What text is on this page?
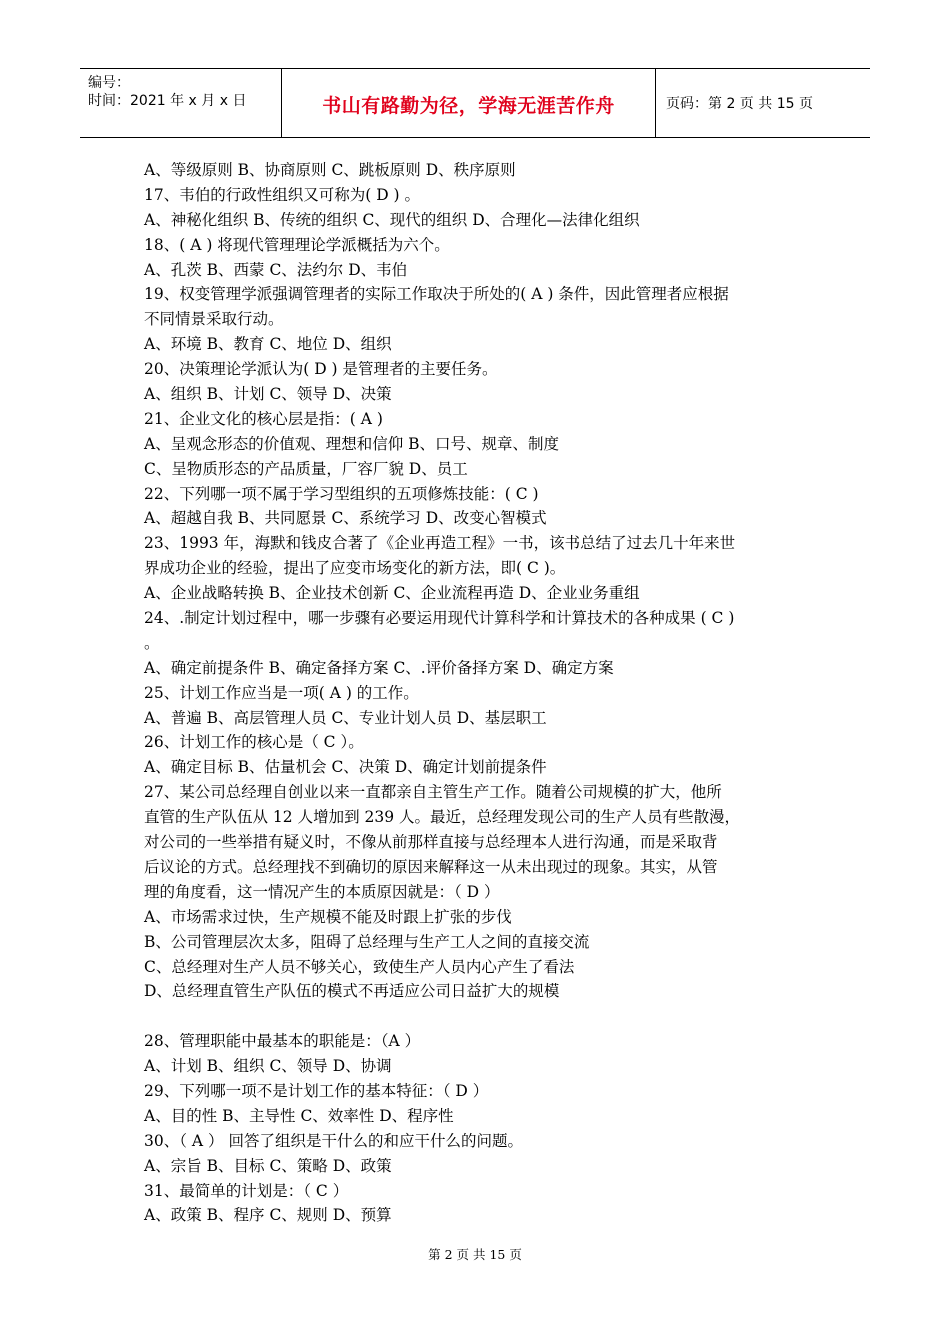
编号：
时间：2021 年 x 月 x 日	书山有路勤为径，学海无涯苦作舟	页码：第 2 页 共 15 页
A、等级原则 B、协商原则 C、跳板原则 D、秩序原则
17、韦伯的行政性组织又可称为( D ) 。
A、神秘化组织 B、传统的组织 C、现代的组织 D、合理化—法律化组织
18、( A ) 将现代管理理论学派概括为六个。
A、孔茨 B、西蒙 C、法约尔 D、韦伯
19、权变管理学派强调管理者的实际工作取决于所处的( A ) 条件，因此管理者应根据
不同情景采取行动。
A、环境 B、教育 C、地位 D、组织
20、决策理论学派认为( D ) 是管理者的主要任务。
A、组织 B、计划 C、领导 D、决策
21、企业文化的核心层是指：( A )
A、呈观念形态的价值观、理想和信仰 B、口号、规章、制度
C、呈物质形态的产品质量，厂容厂貌 D、员工
22、下列哪一项不属于学习型组织的五项修炼技能：( C )
A、超越自我 B、共同愿景 C、系统学习 D、改变心智模式
23、1993 年，海默和钱皮合著了《企业再造工程》一书，该书总结了过去几十年来世
界成功企业的经验，提出了应变市场变化的新方法，即( C )。
A、企业战略转换 B、企业技术创新 C、企业流程再造 D、企业业务重组
24、.制定计划过程中，哪一步骤有必要运用现代计算科学和计算技术的各种成果 ( C )
。
A、确定前提条件 B、确定备择方案 C、.评价备择方案 D、确定方案
25、计划工作应当是一项( A ) 的工作。
A、普遍 B、高层管理人员 C、专业计划人员 D、基层职工
26、计划工作的核心是（ C ）。
A、确定目标 B、估量机会 C、决策 D、确定计划前提条件
27、某公司总经理自创业以来一直都亲自主管生产工作。随着公司规模的扩大，他所
直管的生产队伍从 12 人增加到 239 人。最近，总经理发现公司的生产人员有些散漫，
对公司的一些举措有疑义时，不像从前那样直接与总经理本人进行沟通，而是采取背
后议论的方式。总经理找不到确切的原因来解释这一从未出现过的现象。其实，从管
理的角度看，这一情况产生的本质原因就是：（ D ）
A、市场需求过快，生产规模不能及时跟上扩张的步伐
B、公司管理层次太多，阻碍了总经理与生产工人之间的直接交流
C、总经理对生产人员不够关心，致使生产人员内心产生了看法
D、总经理直管生产队伍的模式不再适应公司日益扩大的规模
28、管理职能中最基本的职能是：（A ）
A、计划 B、组织 C、领导 D、协调
29、下列哪一项不是计划工作的基本特征：（ D ）
A、目的性 B、主导性 C、效率性 D、程序性
30、（ A ） 回答了组织是干什么的和应干什么的问题。
A、宗旨 B、目标 C、策略 D、政策
31、最简单的计划是：（ C ）
A、政策 B、程序 C、规则 D、预算
第 2 页 共 15 页
